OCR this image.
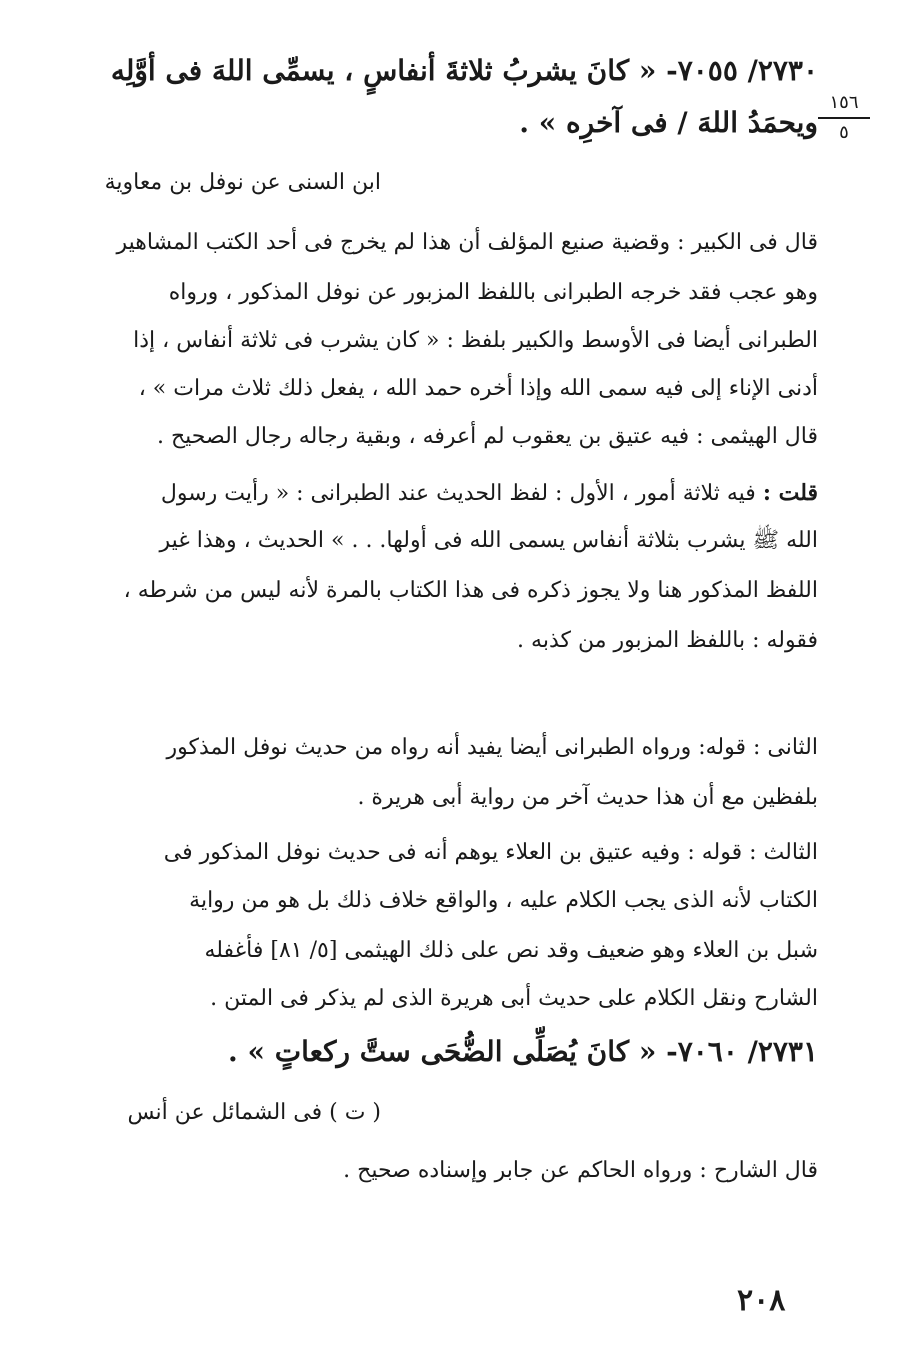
٢٧٣٠/ ٧٠٥٥- « كانَ يشربُ ثلاثةَ أنفاسٍ ، يسمِّى اللهَ فى أوَّلِه
ويحمَدُ اللهَ / فى آخرِه » .
١٥٦
٥
ابن السنى عن نوفل بن معاوية
قال فى الكبير : وقضية صنيع المؤلف أن هذا لم يخرج فى أحد الكتب المشاهير
وهو عجب فقد خرجه الطبرانى باللفظ المزبور عن نوفل المذكور ، ورواه
الطبرانى أيضا فى الأوسط والكبير بلفظ : « كان يشرب فى ثلاثة أنفاس ، إذا
أدنى الإناء إلى فيه سمى الله وإذا أخره حمد الله ، يفعل ذلك ثلاث مرات » ،
قال الهيثمى : فيه عتيق بن يعقوب لم أعرفه ، وبقية رجاله رجال الصحيح .
قلت : فيه ثلاثة أمور ، الأول : لفظ الحديث عند الطبرانى : « رأيت رسول
الله ﷺ يشرب بثلاثة أنفاس يسمى الله فى أولها. . . » الحديث ، وهذا غير
اللفظ المذكور هنا ولا يجوز ذكره فى هذا الكتاب بالمرة لأنه ليس من شرطه ،
فقوله : باللفظ المزبور من كذبه .
الثانى : قوله: ورواه الطبرانى أيضا يفيد أنه رواه من حديث نوفل المذكور
بلفظين مع أن هذا حديث آخر من رواية أبى هريرة .
الثالث : قوله : وفيه عتيق بن العلاء يوهم أنه فى حديث نوفل المذكور فى
الكتاب لأنه الذى يجب الكلام عليه ، والواقع خلاف ذلك بل هو من رواية
شبل بن العلاء وهو ضعيف وقد نص على ذلك الهيثمى [٥/ ٨١] فأغفله
الشارح ونقل الكلام على حديث أبى هريرة الذى لم يذكر فى المتن .
٢٧٣١/ ٧٠٦٠- « كانَ يُصَلِّى الضُّحَى ستَّ ركعاتٍ » .
( ت ) فى الشمائل عن أنس
قال الشارح : ورواه الحاكم عن جابر وإسناده صحيح .
٢٠٨
